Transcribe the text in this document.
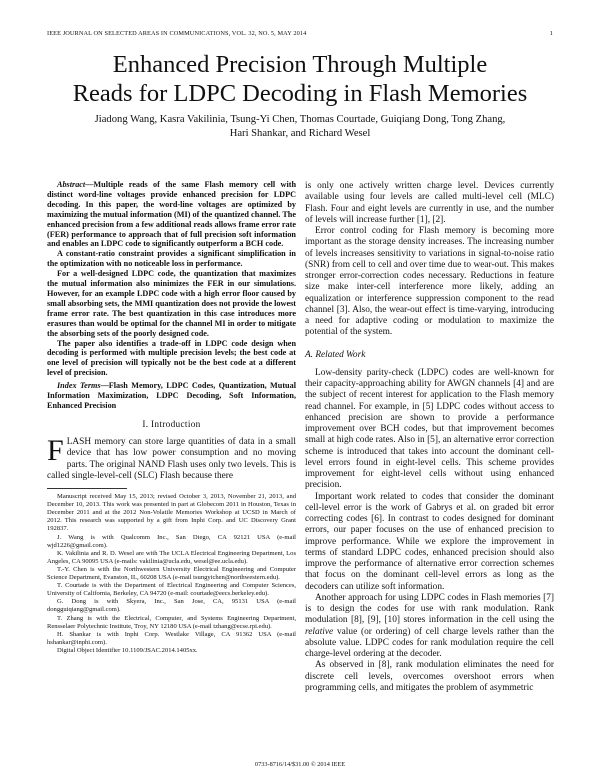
IEEE JOURNAL ON SELECTED AREAS IN COMMUNICATIONS, VOL. 32, NO. 5, MAY 2014	1
Enhanced Precision Through Multiple
Reads for LDPC Decoding in Flash Memories
Jiadong Wang, Kasra Vakilinia, Tsung-Yi Chen, Thomas Courtade, Guiqiang Dong, Tong Zhang,
Hari Shankar, and Richard Wesel

Abstract—Multiple reads of the same Flash memory cell with distinct word-line voltages provide enhanced precision for LDPC decoding. In this paper, the word-line voltages are optimized by maximizing the mutual information (MI) of the quantized channel. The enhanced precision from a few additional reads allows frame error rate (FER) performance to approach that of full precision soft information and enables an LDPC code to significantly outperform a BCH code.

A constant-ratio constraint provides a significant simplification in the optimization with no noticeable loss in performance.

For a well-designed LDPC code, the quantization that maximizes the mutual information also minimizes the FER in our simulations. However, for an example LDPC code with a high error floor caused by small absorbing sets, the MMI quantization does not provide the lowest frame error rate. The best quantization in this case introduces more erasures than would be optimal for the channel MI in order to mitigate the absorbing sets of the poorly designed code.

The paper also identifies a trade-off in LDPC code design when decoding is performed with multiple precision levels; the best code at one level of precision will typically not be the best code at a different level of precision.

Index Terms—Flash Memory, LDPC Codes, Quantization, Mutual Information Maximization, LDPC Decoding, Soft Information, Enhanced Precision

I. Introduction

FLASH memory can store large quantities of data in a small device that has low power consumption and no moving parts. The original NAND Flash uses only two levels. This is called single-level-cell (SLC) Flash because there

Manuscript received May 15, 2013; revised October 3, 2013, November 21, 2013, and December 10, 2013. This work was presented in part at Globecom 2011 in Houston, Texas in December 2011 and at the 2012 Non-Volatile Memories Workshop at UCSD in March of 2012. This research was supported by a gift from Inphi Corp. and UC Discovery Grant 192837.

J. Wang is with Qualcomm Inc., San Diego, CA 92121 USA (e-mail wjd1226@gmail.com).

K. Vakilinia and R. D. Wesel are with The UCLA Electrical Engineering Department, Los Angeles, CA 90095 USA (e-mails: vakilinia@ucla.edu, wesel@ee.ucla.edu).

T.-Y. Chen is with the Northwestern University Electrical Engineering and Computer Science Department, Evanston, IL, 60208 USA (e-mail tsungyichen@northwestern.edu).

T. Courtade is with the Department of Electrical Engineering and Computer Sciences, University of California, Berkeley, CA 94720 (e-mail: courtade@eecs.berkeley.edu).

G. Dong is with Skyera, Inc., San Jose, CA, 95131 USA (e-mail dongguiqiang@gmail.com).

T. Zhang is with the Electrical, Computer, and Systems Engineering Department, Rensselaer Polytechnic Institute, Troy, NY 12180 USA (e-mail tzhang@ecse.rpi.edu).

H. Shankar is with Inphi Corp. Westlake Village, CA 91362 USA (e-mail hshankar@inphi.com).

Digital Object Identifier 10.1109/JSAC.2014.1405xx.

is only one actively written charge level. Devices currently available using four levels are called multi-level cell (MLC) Flash. Four and eight levels are currently in use, and the number of levels will increase further [1], [2].

Error control coding for Flash memory is becoming more important as the storage density increases. The increasing number of levels increases sensitivity to variations in signal-to-noise ratio (SNR) from cell to cell and over time due to wear-out. This makes stronger error-correction codes necessary. Reductions in feature size make inter-cell interference more likely, adding an equalization or interference suppression component to the read channel [3]. Also, the wear-out effect is time-varying, introducing a need for adaptive coding or modulation to maximize the potential of the system.

A. Related Work

Low-density parity-check (LDPC) codes are well-known for their capacity-approaching ability for AWGN channels [4] and are the subject of recent interest for application to the Flash memory read channel. For example, in [5] LDPC codes without access to enhanced precision are shown to provide a performance improvement over BCH codes, but that improvement becomes small at high code rates. Also in [5], an alternative error correction scheme is introduced that takes into account the dominant cell-level errors found in eight-level cells. This scheme provides improvement for eight-level cells without using enhanced precision.

Important work related to codes that consider the dominant cell-level error is the work of Gabrys et al. on graded bit error correcting codes [6]. In contrast to codes designed for dominant errors, our paper focuses on the use of enhanced precision to improve performance. While we explore the improvement in terms of standard LDPC codes, enhanced precision should also improve the performance of alternative error correction schemes that focus on the dominant cell-level errors as long as the decoders can utilize soft information.

Another approach for using LDPC codes in Flash memories [7] is to design the codes for use with rank modulation. Rank modulation [8], [9], [10] stores information in the cell using the relative value (or ordering) of cell charge levels rather than the absolute value. LDPC codes for rank modulation require the cell charge-level ordering at the decoder.

As observed in [8], rank modulation eliminates the need for discrete cell levels, overcomes overshoot errors when programming cells, and mitigates the problem of asymmetric

0733-8716/14/$31.00 © 2014 IEEE
